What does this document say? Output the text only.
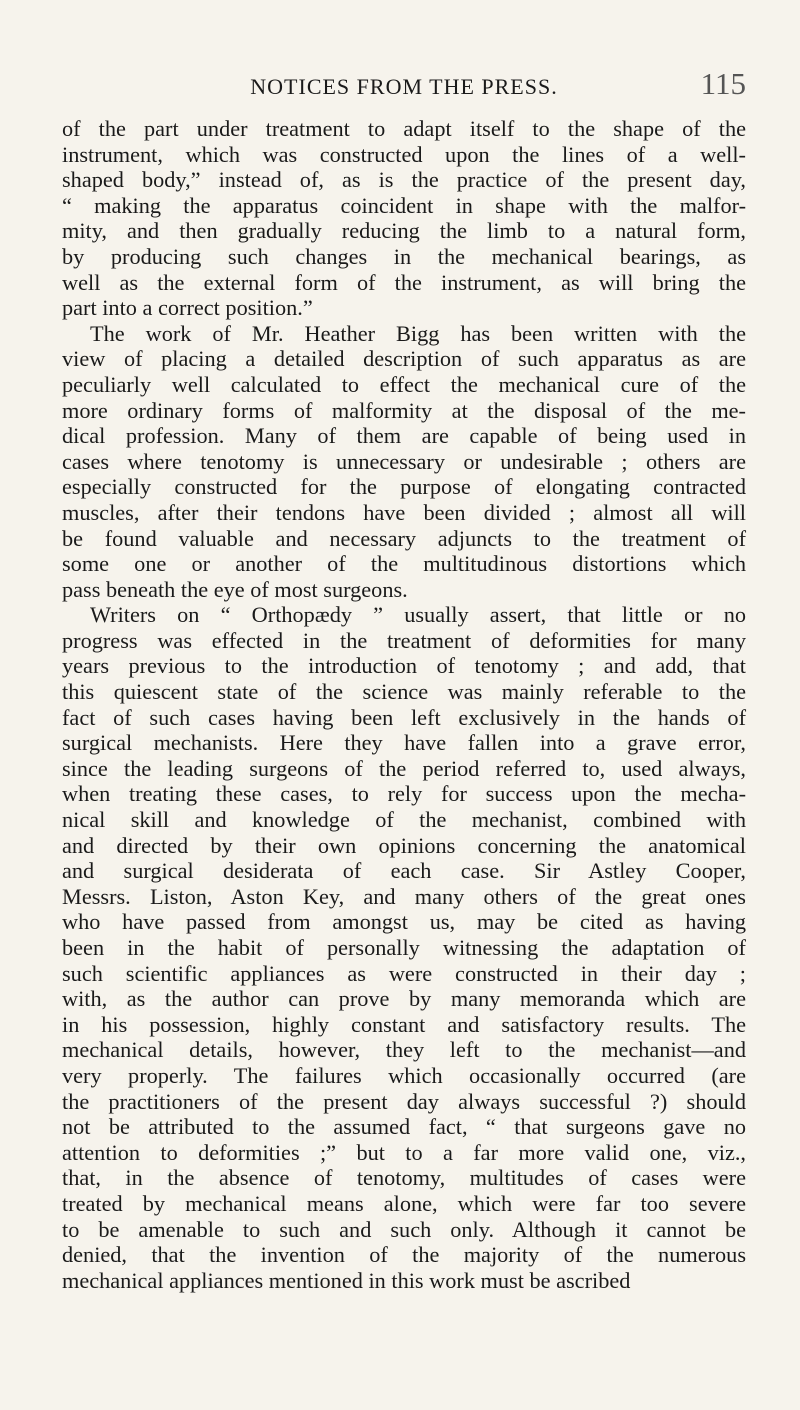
NOTICES FROM THE PRESS.	115
of the part under treatment to adapt itself to the shape of the
instrument, which was constructed upon the lines of a well-
shaped body,” instead of, as is the practice of the present day,
“ making the apparatus coincident in shape with the malfor-
mity, and then gradually reducing the limb to a natural form,
by producing such changes in the mechanical bearings, as
well as the external form of the instrument, as will bring the
part into a correct position.”
The work of Mr. Heather Bigg has been written with the
view of placing a detailed description of such apparatus as are
peculiarly well calculated to effect the mechanical cure of the
more ordinary forms of malformity at the disposal of the me-
dical profession. Many of them are capable of being used in
cases where tenotomy is unnecessary or undesirable ; others are
especially constructed for the purpose of elongating contracted
muscles, after their tendons have been divided ; almost all will
be found valuable and necessary adjuncts to the treatment of
some one or another of the multitudinous distortions which
pass beneath the eye of most surgeons.
Writers on “ Orthopædy ” usually assert, that little or no
progress was effected in the treatment of deformities for many
years previous to the introduction of tenotomy ; and add, that
this quiescent state of the science was mainly referable to the
fact of such cases having been left exclusively in the hands of
surgical mechanists. Here they have fallen into a grave error,
since the leading surgeons of the period referred to, used always,
when treating these cases, to rely for success upon the mecha-
nical skill and knowledge of the mechanist, combined with
and directed by their own opinions concerning the anatomical
and surgical desiderata of each case. Sir Astley Cooper,
Messrs. Liston, Aston Key, and many others of the great ones
who have passed from amongst us, may be cited as having
been in the habit of personally witnessing the adaptation of
such scientific appliances as were constructed in their day ;
with, as the author can prove by many memoranda which are
in his possession, highly constant and satisfactory results. The
mechanical details, however, they left to the mechanist—and
very properly. The failures which occasionally occurred (are
the practitioners of the present day always successful ?) should
not be attributed to the assumed fact, “ that surgeons gave no
attention to deformities ;” but to a far more valid one, viz.,
that, in the absence of tenotomy, multitudes of cases were
treated by mechanical means alone, which were far too severe
to be amenable to such and such only. Although it cannot be
denied, that the invention of the majority of the numerous
mechanical appliances mentioned in this work must be ascribed
